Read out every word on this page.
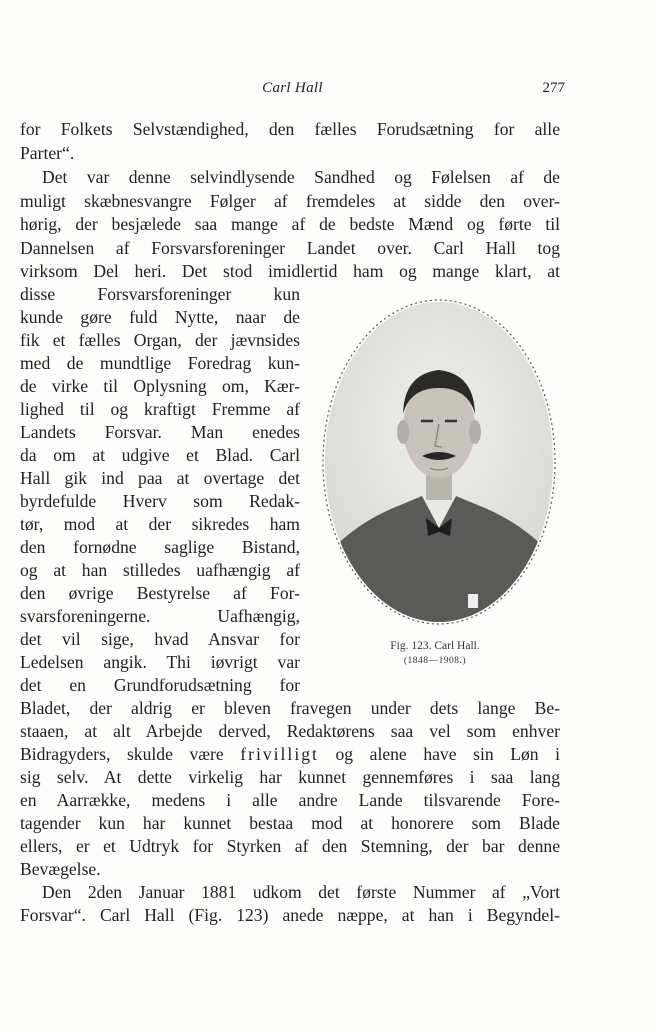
Carl Hall	277
for Folkets Selvstændighed, den fælles Forudsætning for alle
Parter“.
Det var denne selvindlysende Sandhed og Følelsen af de
muligt skæbnesvangre Følger af fremdeles at sidde den over-
hørig, der besjælede saa mange af de bedste Mænd og førte til
Dannelsen af Forsvarsforeninger Landet over. Carl Hall tog
virksom Del heri. Det stod imidlertid ham og mange klart, at
disse Forsvarsforeninger kun
kunde gøre fuld Nytte, naar de
fik et fælles Organ, der jævnsides
med de mundtlige Foredrag kun-
de virke til Oplysning om, Kær-
lighed til og kraftigt Fremme af
Landets Forsvar. Man enedes
da om at udgive et Blad. Carl
Hall gik ind paa at overtage det
byrdefulde Hverv som Redak-
tør, mod at der sikredes ham
den fornødne saglige Bistand,
og at han stilledes uafhængig af
den øvrige Bestyrelse af For-
svarsforeningerne. Uafhængig,
det vil sige, hvad Ansvar for
Ledelsen angik. Thi iøvrigt var
det en Grundforudsætning for
Bladet, der aldrig er bleven fravegen under dets lange Be-
staaen, at alt Arbejde derved, Redaktørens saa vel som enhver
Bidragyders, skulde være frivilligt og alene have sin Løn i
sig selv. At dette virkelig har kunnet gennemføres i saa lang
en Aarrække, medens i alle andre Lande tilsvarende Fore-
tagender kun har kunnet bestaa mod at honorere som Blade
ellers, er et Udtryk for Styrken af den Stemning, der bar denne
Bevægelse.
Den 2den Januar 1881 udkom det første Nummer af „Vort
Forsvar“. Carl Hall (Fig. 123) anede næppe, at han i Begyndel-
Fig. 123. Carl Hall.
(1848—1908.)
